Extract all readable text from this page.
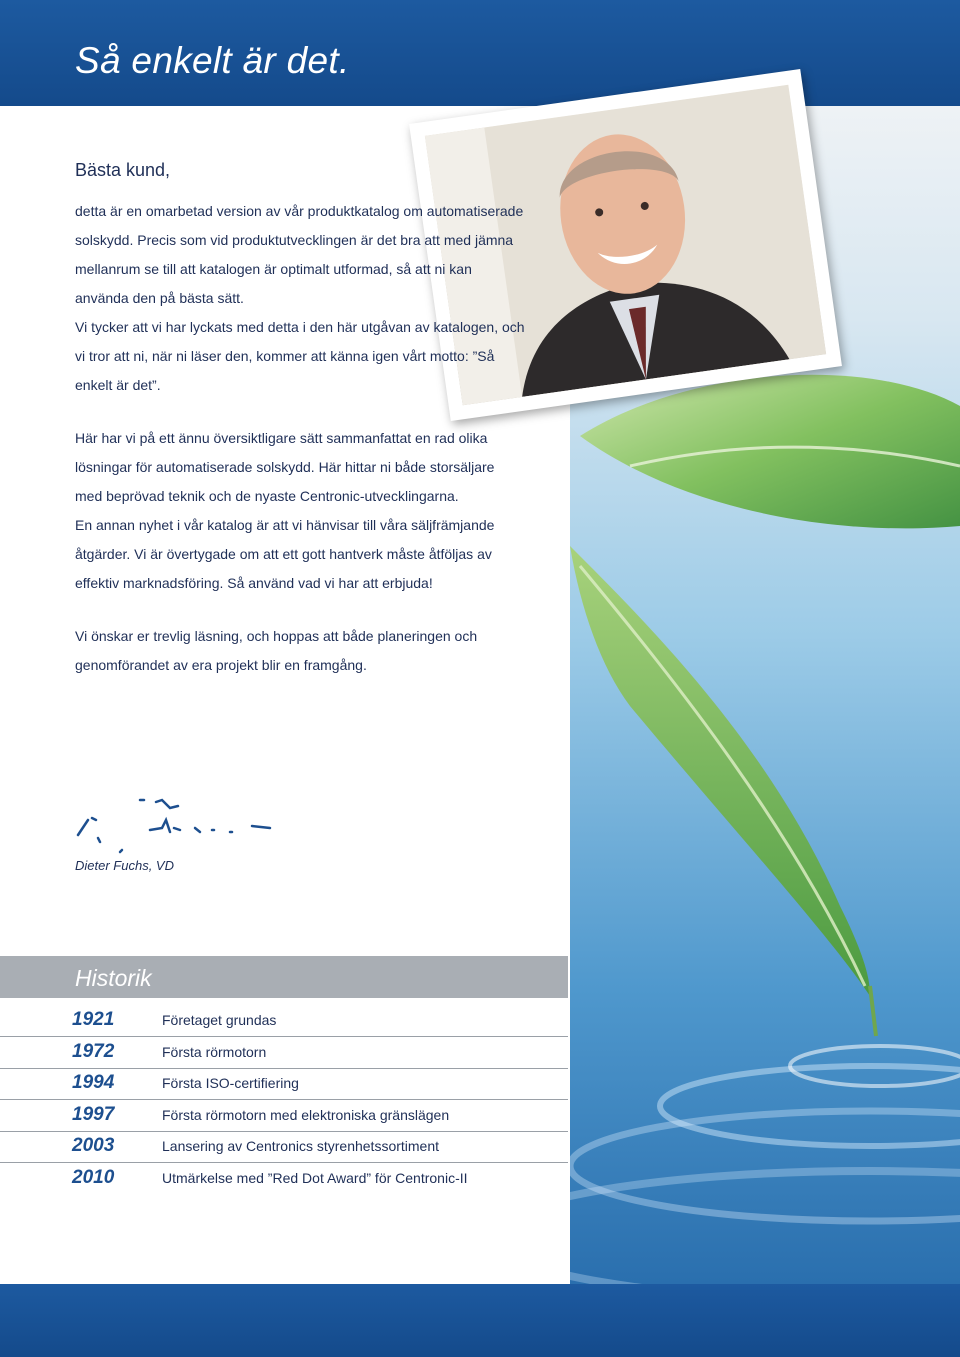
Så enkelt är det.
Bästa kund,

detta är en omarbetad version av vår produktkatalog om automatiserade solskydd. Precis som vid produktutvecklingen är det bra att med jämna mellanrum se till att katalogen är optimalt utformad, så att ni kan använda den på bästa sätt.

Vi tycker att vi har lyckats med detta i den här utgåvan av katalogen, och vi tror att ni, när ni läser den, kommer att känna igen vårt motto: ”Så enkelt är det”.

Här har vi på ett ännu översiktligare sätt sammanfattat en rad olika lösningar för automatiserade solskydd. Här hittar ni både storsäljare med beprövad teknik och de nyaste Centronic-utvecklingarna.

En annan nyhet i vår katalog är att vi hänvisar till våra säljfrämjande åtgärder. Vi är övertygade om att ett gott hantverk måste åtföljas av effektiv marknadsföring. Så använd vad vi har att erbjuda!

Vi önskar er trevlig läsning, och hoppas att både planeringen och genomförandet av era projekt blir en framgång.

Dieter Fuchs, VD
Historik
1921	Företaget grundas
1972	Första rörmotorn
1994	Första ISO-certifiering
1997	Första rörmotorn med elektroniska gränslägen
2003	Lansering av Centronics styrenhetssortiment
2010	Utmärkelse med ”Red Dot Award” för Centronic-II
